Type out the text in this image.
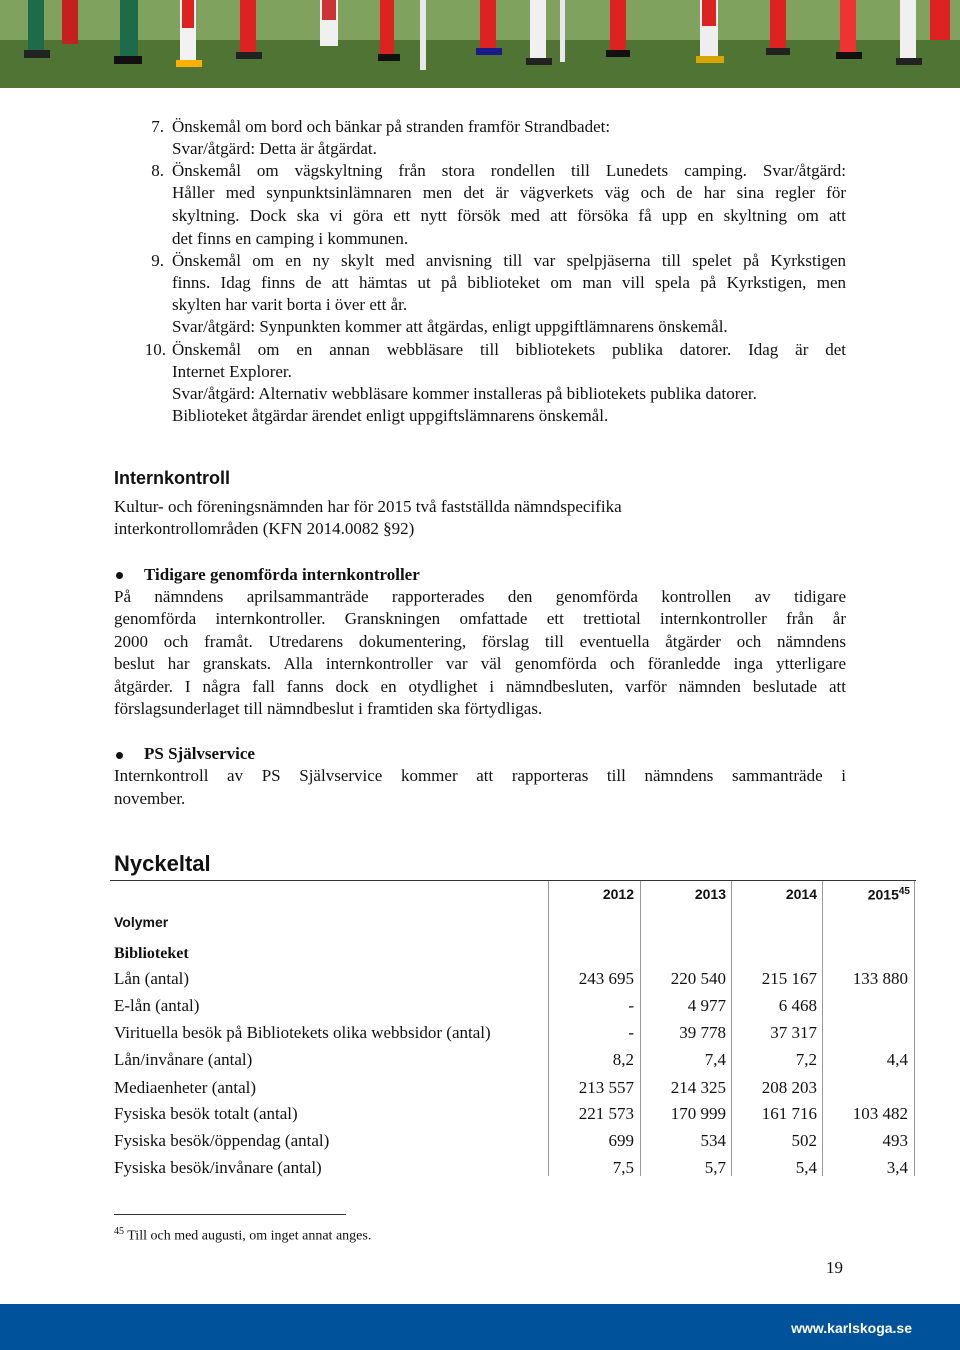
7. Önskemål om bord och bänkar på stranden framför Strandbadet:
Svar/åtgärd: Detta är åtgärdat.
8. Önskemål om vägskyltning från stora rondellen till Lunedets camping. Svar/åtgärd:
Håller med synpunktsinlämnaren men det är vägverkets väg och de har sina regler för
skyltning. Dock ska vi göra ett nytt försök med att försöka få upp en skyltning om att
det finns en camping i kommunen.
9. Önskemål om en ny skylt med anvisning till var spelpjäserna till spelet på Kyrkstigen
finns. Idag finns de att hämtas ut på biblioteket om man vill spela på Kyrkstigen, men
skylten har varit borta i över ett år.
Svar/åtgärd: Synpunkten kommer att åtgärdas, enligt uppgiftlämnarens önskemål.
10. Önskemål om en annan webbläsare till bibliotekets publika datorer. Idag är det
Internet Explorer.
Svar/åtgärd: Alternativ webbläsare kommer installeras på bibliotekets publika datorer.
Biblioteket åtgärdar ärendet enligt uppgiftslämnarens önskemål.
Internkontroll
Kultur- och föreningsnämnden har för 2015 två fastställda nämndspecifika
interkontrollområden (KFN 2014.0082 §92)
Tidigare genomförda internkontroller
På nämndens aprilsammanträde rapporterades den genomförda kontrollen av tidigare
genomförda internkontroller. Granskningen omfattade ett trettiotal internkontroller från år
2000 och framåt. Utredarens dokumentering, förslag till eventuella åtgärder och nämndens
beslut har granskats. Alla internkontroller var väl genomförda och föranledde inga ytterligare
åtgärder. I några fall fanns dock en otydlighet i nämndbesluten, varför nämnden beslutade att
förslagsunderlaget till nämndbeslut i framtiden ska förtydligas.
PS Självservice
Internkontroll av PS Självservice kommer att rapporteras till nämndens sammanträde i
november.
Nyckeltal
2012	2013	2014	2015$^{45}$
Volymer
Biblioteket
Lån (antal)	243 695	220 540	215 167	133 880
E-lån (antal)	-	4 977	6 468
Virituella besök på Bibliotekets olika webbsidor (antal)	-	39 778	37 317
Lån/invånare (antal)	8,2	7,4	7,2	4,4
Mediaenheter (antal)	213 557	214 325	208 203
Fysiska besök totalt (antal)	221 573	170 999	161 716	103 482
Fysiska besök/öppendag (antal)	699	534	502	493
Fysiska besök/invånare (antal)	7,5	5,7	5,4	3,4
$^{45}$ Till och med augusti, om inget annat anges.
19
www.karlskoga.se
